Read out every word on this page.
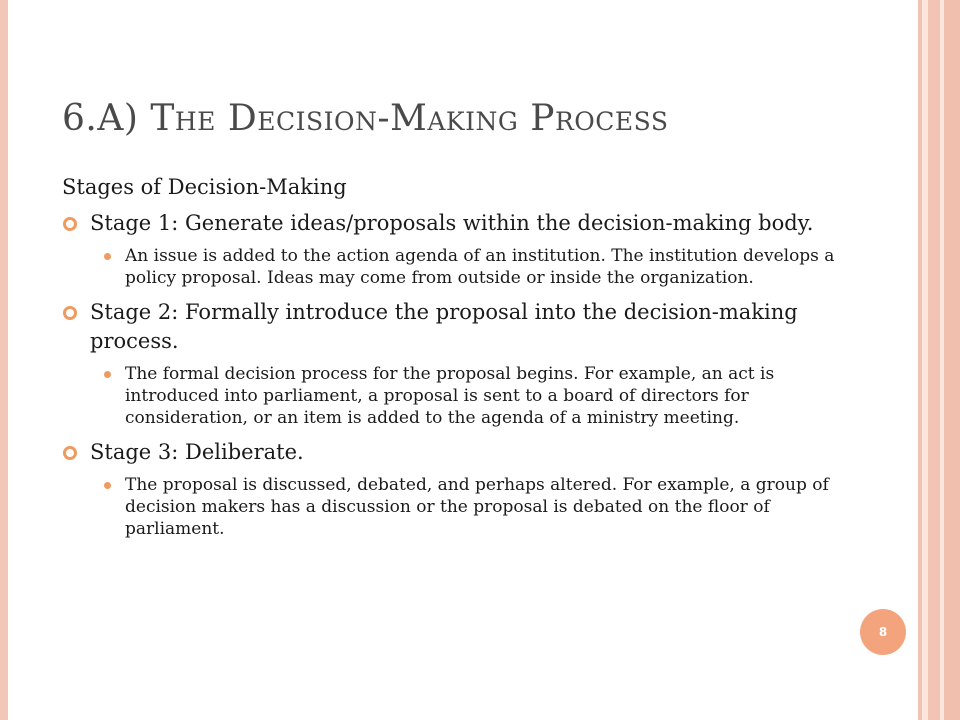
6.A) The Decision-Making Process
Stages of Decision-Making
Stage 1: Generate ideas/proposals within the decision-making body.
An issue is added to the action agenda of an institution. The institution develops a policy proposal. Ideas may come from outside or inside the organization.
Stage 2: Formally introduce the proposal into the decision-making process.
The formal decision process for the proposal begins. For example, an act is introduced into parliament, a proposal is sent to a board of directors for consideration, or an item is added to the agenda of a ministry meeting.
Stage 3: Deliberate.
The proposal is discussed, debated, and perhaps altered. For example, a group of decision makers has a discussion or the proposal is debated on the floor of parliament.
8
